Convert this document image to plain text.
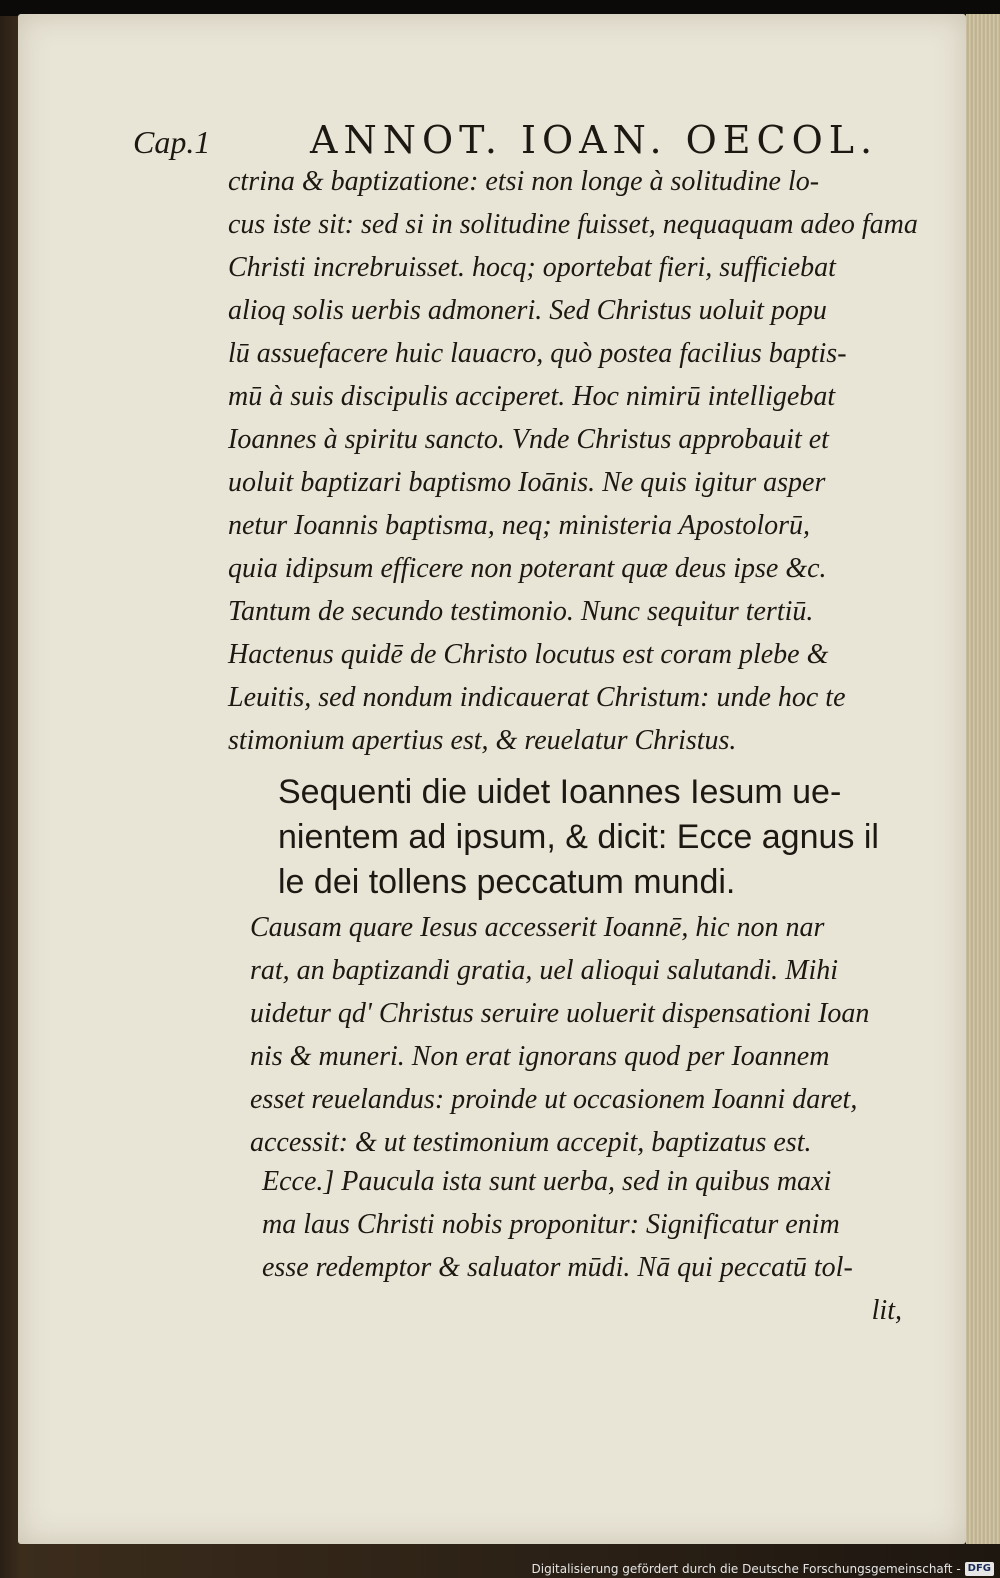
Cap.1	ANNOT. IOAN. OECOL.

ctrina & baptizatione: etsi non longe à solitudine lo-
cus iste sit: sed si in solitudine fuisset, nequaquam adeo fama
Christi increbruisset. hocq; oportebat fieri, sufficiebat
alioq solis uerbis admoneri. Sed Christus uoluit popu
lū assuefacere huic lauacro, quò postea facilius baptis-
mū à suis discipulis acciperet. Hoc nimirū intelligebat
Ioannes à spiritu sancto. Vnde Christus approbauit et
uoluit baptizari baptismo Ioānis. Ne quis igitur asper
netur Ioannis baptisma, neq; ministeria Apostolorū,
quia idipsum efficere non poterant quæ deus ipse &c.
Tantum de secundo testimonio. Nunc sequitur tertiū.
Hactenus quidē de Christo locutus est coram plebe &
Leuitis, sed nondum indicauerat Christum: unde hoc te
stimonium apertius est, & reuelatur Christus.

Sequenti die uidet Ioannes Iesum ue-
nientem ad ipsum, & dicit: Ecce agnus il
le dei tollens peccatum mundi.

Causam quare Iesus accesserit Ioannē, hic non nar
rat, an baptizandi gratia, uel alioqui salutandi. Mihi
uidetur qd' Christus seruire uoluerit dispensationi Ioan
nis & muneri. Non erat ignorans quod per Ioannem
esset reuelandus: proinde ut occasionem Ioanni daret,
accessit: & ut testimonium accepit, baptizatus est.

Ecce.] Paucula ista sunt uerba, sed in quibus maxi
ma laus Christi nobis proponitur: Significatur enim
esse redemptor & saluator mūdi. Nā qui peccatū tol-
lit,

Digitalisierung gefördert durch die Deutsche Forschungsgemeinschaft - DFG
